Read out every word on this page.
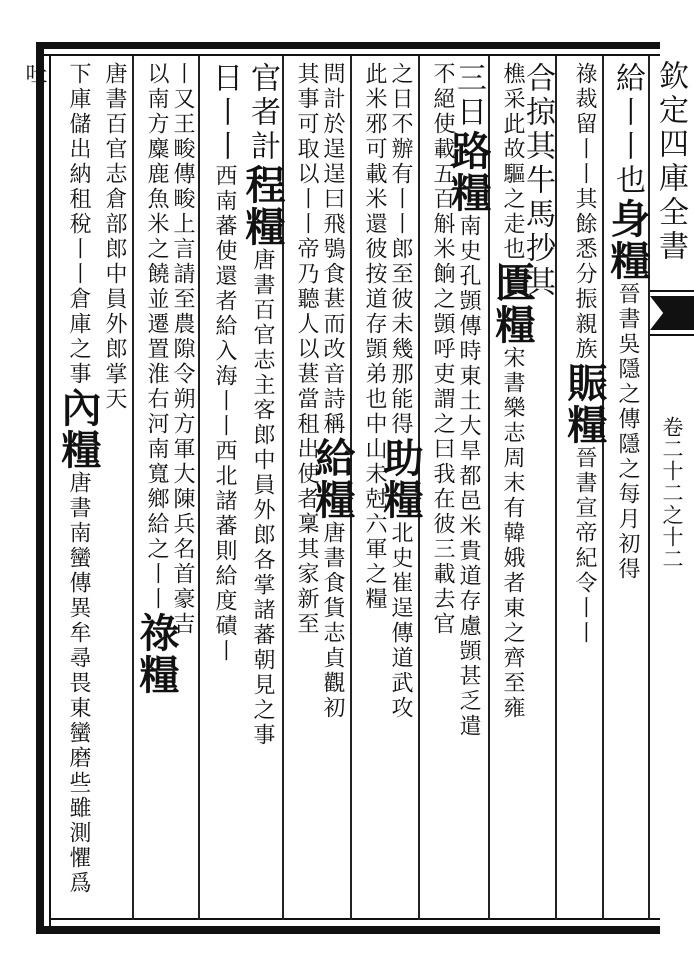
欽定四庫全書
卷二十二之十二
給丨丨也身糧晉書吳隱之傳隱之每月初得
祿裁留丨丨其餘悉分振親族賑糧晉書宣帝紀令丨丨
合掠其牛馬抄其
樵采此故驅之走也匱糧宋書樂志周末有韓娥者東之齊至雍
三日路糧南史孔顗傳時東土大旱都邑米貴道存慮顗甚乏遣
不絕使載五百斛米餉之顗呼吏謂之曰我在彼三載去官
之日不辦有丨丨郎至彼未幾那能得助糧北史崔逞傳道武攻
此米邪可載米還彼按道存顗弟也中山未尅六軍之糧
問計於逞逞曰飛鴞食葚而改音詩稱給糧唐書食貨志貞觀初
其事可取以丨丨帝乃聽人以葚當租出使者稟其家新至
官者計程糧唐書百官志主客郎中員外郎各掌諸蕃朝見之事
日丨丨西南蕃使還者給入海丨丨西北諸蕃則給度磧丨
丨又王畯傳畯上言請至農隙令朔方軍大陳兵名首豪吉
以南方麋鹿魚米之饒並遷置淮右河南寬鄉給之丨丨祿糧
唐書百官志倉部郎中員外郎掌天
下庫儲出納租稅丨丨倉庫之事內糧唐書南蠻傳異牟尋畏東蠻磨些雖測懼爲吐
